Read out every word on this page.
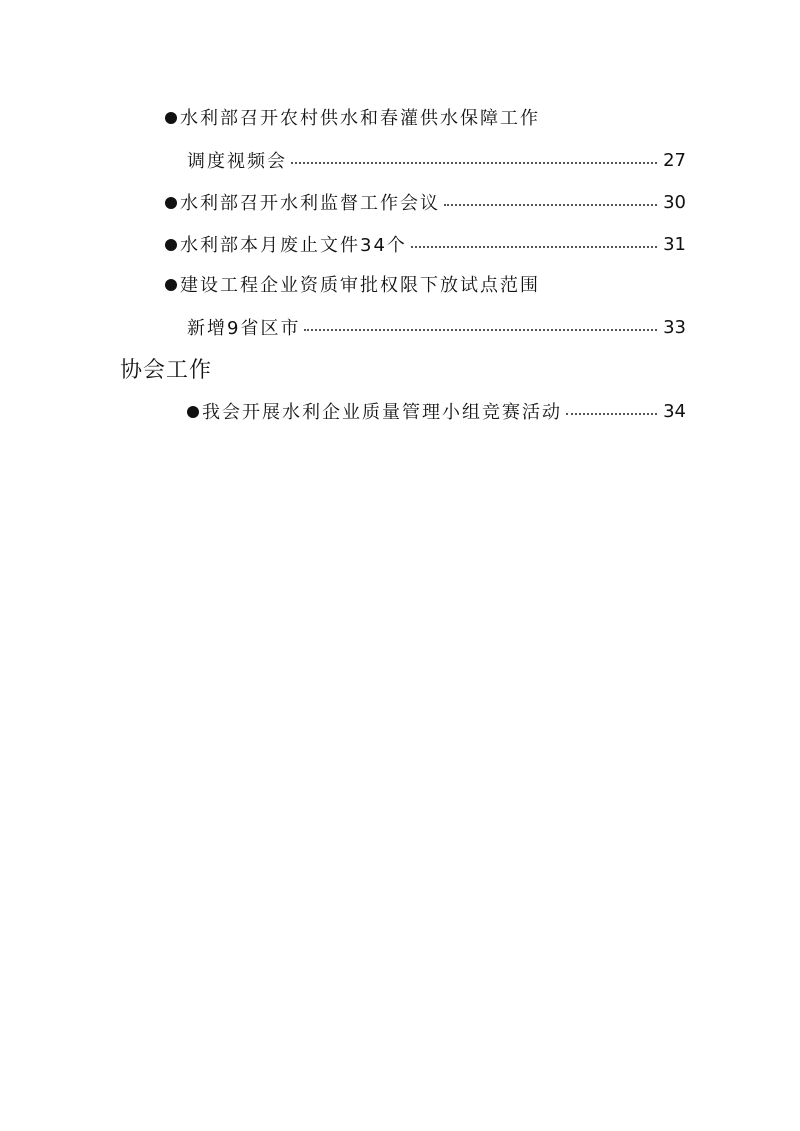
水利部召开农村供水和春灌供水保障工作
调度视频会	27
水利部召开水利监督工作会议	30
水利部本月废止文件34个	31
建设工程企业资质审批权限下放试点范围
新增9省区市	33
协会工作
我会开展水利企业质量管理小组竞赛活动	34
